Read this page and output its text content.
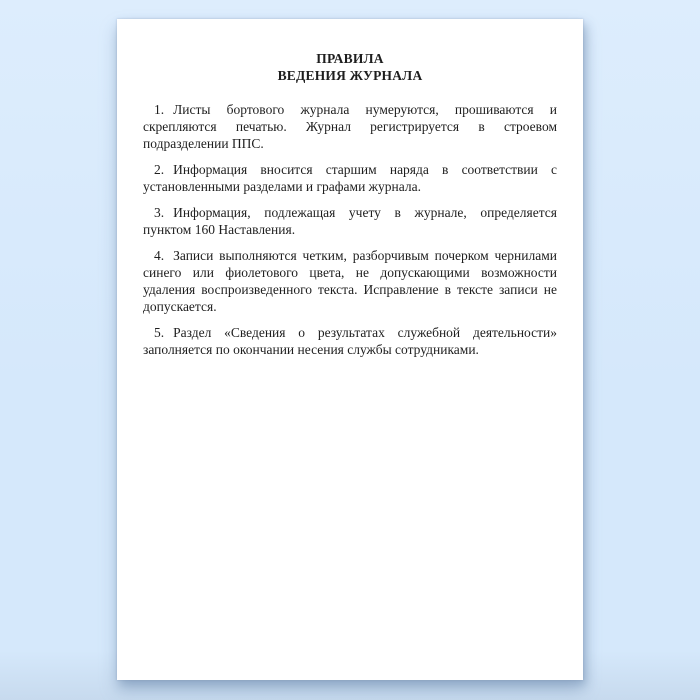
ПРАВИЛА
ВЕДЕНИЯ ЖУРНАЛА

1. Листы бортового журнала нумеруются, прошиваются и скрепляются печатью. Журнал регистрируется в строевом подразделении ППС.

2. Информация вносится старшим наряда в соответствии с установленными разделами и графами журнала.

3. Информация, подлежащая учету в журнале, определяется пунктом 160 Наставления.

4. Записи выполняются четким, разборчивым почерком чернилами синего или фиолетового цвета, не допускающими возможности удаления воспроизведенного текста. Исправление в тексте записи не допускается.

5. Раздел «Сведения о результатах служебной деятельности» заполняется по окончании несения службы сотрудниками.
